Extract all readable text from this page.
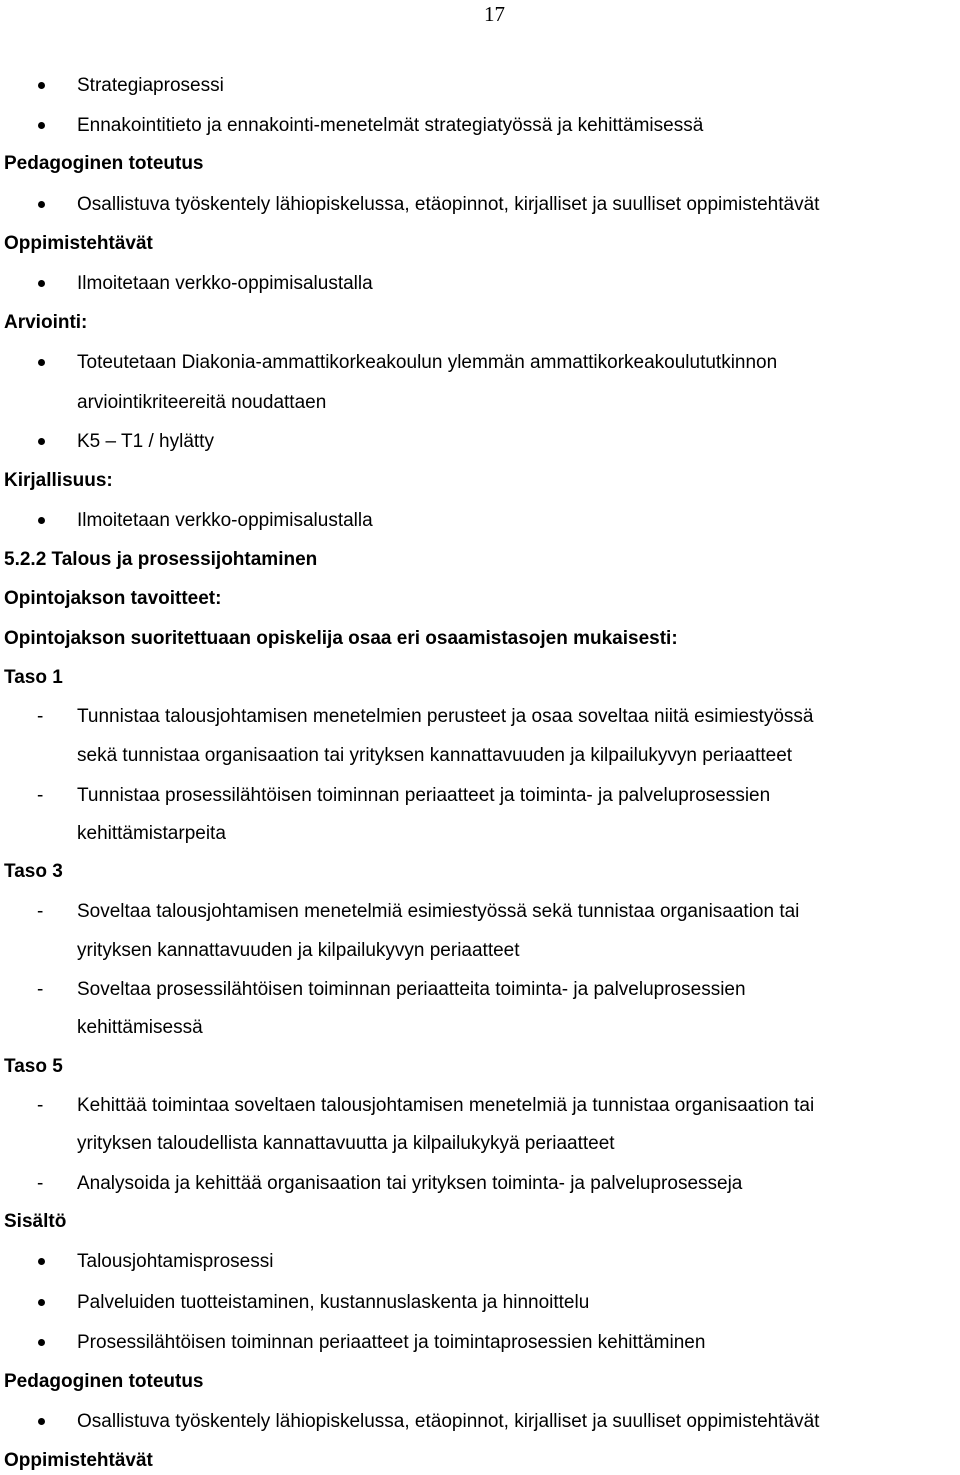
17
Strategiaprosessi
Ennakointitieto ja ennakointi-menetelmät strategiatyössä ja kehittämisessä
Pedagoginen toteutus
Osallistuva työskentely lähiopiskelussa, etäopinnot, kirjalliset ja suulliset oppimistehtävät
Oppimistehtävät
Ilmoitetaan verkko-oppimisalustalla
Arviointi:
Toteutetaan Diakonia-ammattikorkeakoulun ylemmän ammattikorkeakoulututkinnon
arviointikriteereitä noudattaen
K5 – T1 / hylätty
Kirjallisuus:
Ilmoitetaan verkko-oppimisalustalla
5.2.2 Talous ja prosessijohtaminen
Opintojakson tavoitteet:
Opintojakson suoritettuaan opiskelija osaa eri osaamistasojen mukaisesti:
Taso 1
- Tunnistaa talousjohtamisen menetelmien perusteet ja osaa soveltaa niitä esimiestyössä
sekä tunnistaa organisaation tai yrityksen kannattavuuden ja kilpailukyvyn periaatteet
- Tunnistaa prosessilähtöisen toiminnan periaatteet ja toiminta- ja palveluprosessien
kehittämistarpeita
Taso 3
- Soveltaa talousjohtamisen menetelmiä esimiestyössä sekä tunnistaa organisaation tai
yrityksen kannattavuuden ja kilpailukyvyn periaatteet
- Soveltaa prosessilähtöisen toiminnan periaatteita toiminta- ja palveluprosessien
kehittämisessä
Taso 5
- Kehittää toimintaa soveltaen talousjohtamisen menetelmiä ja tunnistaa organisaation tai
yrityksen taloudellista kannattavuutta ja kilpailukykyä periaatteet
- Analysoida ja kehittää organisaation tai yrityksen toiminta- ja palveluprosesseja
Sisältö
Talousjohtamisprosessi
Palveluiden tuotteistaminen, kustannuslaskenta ja hinnoittelu
Prosessilähtöisen toiminnan periaatteet ja toimintaprosessien kehittäminen
Pedagoginen toteutus
Osallistuva työskentely lähiopiskelussa, etäopinnot, kirjalliset ja suulliset oppimistehtävät
Oppimistehtävät
